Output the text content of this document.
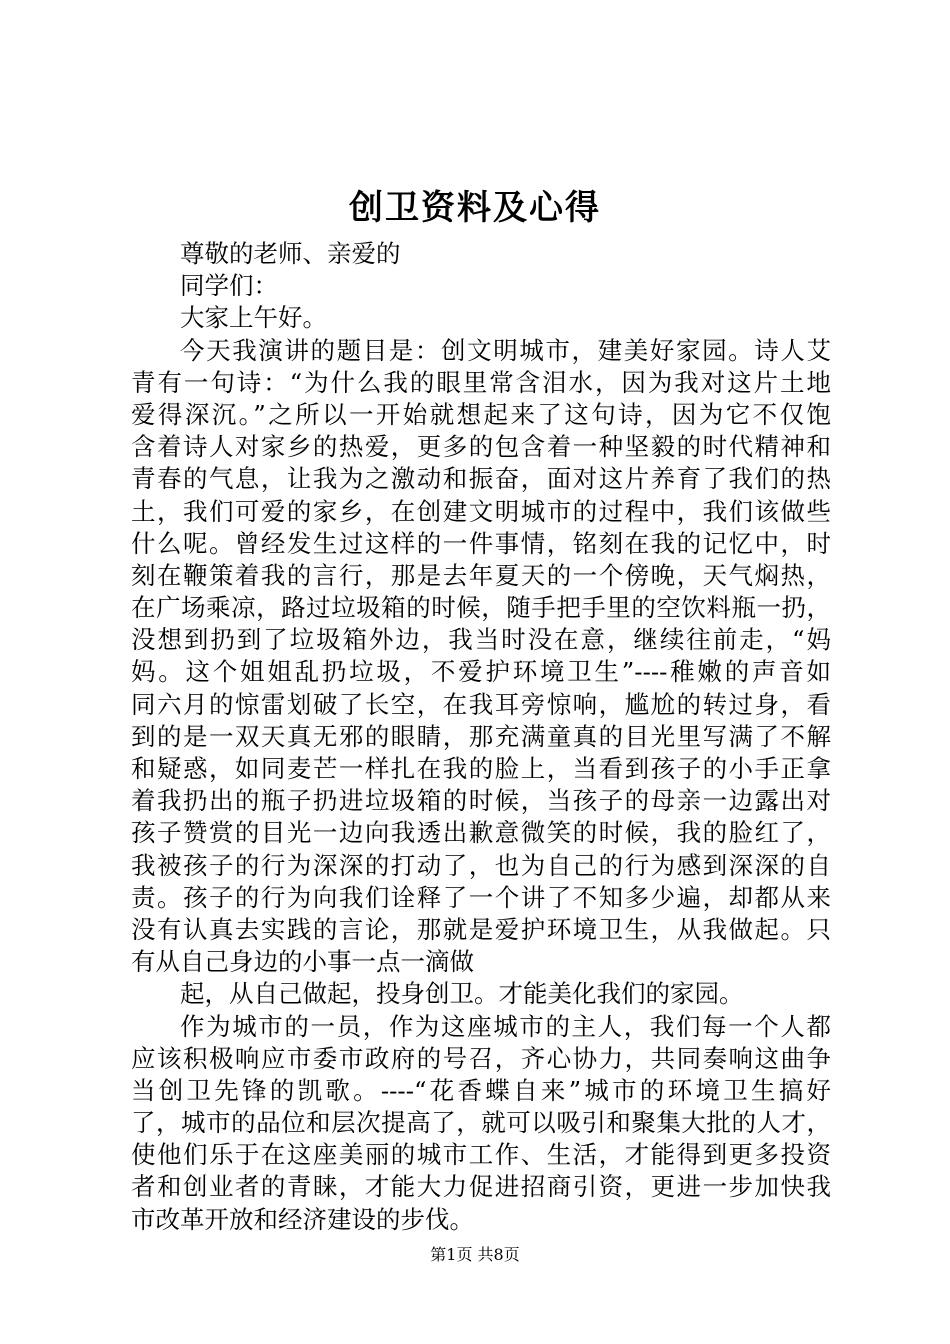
创卫资料及心得
尊敬的老师、亲爱的
同学们：
大家上午好。
今天我演讲的题目是：创文明城市，建美好家园。诗人艾
青有一句诗：“为什么我的眼里常含泪水，因为我对这片土地
爱得深沉。”之所以一开始就想起来了这句诗，因为它不仅饱
含着诗人对家乡的热爱，更多的包含着一种坚毅的时代精神和
青春的气息，让我为之激动和振奋，面对这片养育了我们的热
土，我们可爱的家乡，在创建文明城市的过程中，我们该做些
什么呢。曾经发生过这样的一件事情，铭刻在我的记忆中，时
刻在鞭策着我的言行，那是去年夏天的一个傍晚，天气焖热，
在广场乘凉，路过垃圾箱的时候，随手把手里的空饮料瓶一扔，
没想到扔到了垃圾箱外边，我当时没在意，继续往前走，“妈
妈。这个姐姐乱扔垃圾，不爱护环境卫生”----稚嫩的声音如
同六月的惊雷划破了长空，在我耳旁惊响，尴尬的转过身，看
到的是一双天真无邪的眼睛，那充满童真的目光里写满了不解
和疑惑，如同麦芒一样扎在我的脸上，当看到孩子的小手正拿
着我扔出的瓶子扔进垃圾箱的时候，当孩子的母亲一边露出对
孩子赞赏的目光一边向我透出歉意微笑的时候，我的脸红了，
我被孩子的行为深深的打动了，也为自己的行为感到深深的自
责。孩子的行为向我们诠释了一个讲了不知多少遍，却都从来
没有认真去实践的言论，那就是爱护环境卫生，从我做起。只
有从自己身边的小事一点一滴做
起，从自己做起，投身创卫。才能美化我们的家园。
作为城市的一员，作为这座城市的主人，我们每一个人都
应该积极响应市委市政府的号召，齐心协力，共同奏响这曲争
当创卫先锋的凯歌。----“花香蝶自来”城市的环境卫生搞好
了，城市的品位和层次提高了，就可以吸引和聚集大批的人才，
使他们乐于在这座美丽的城市工作、生活，才能得到更多投资
者和创业者的青睐，才能大力促进招商引资，更进一步加快我
市改革开放和经济建设的步伐。
第1页 共8页
